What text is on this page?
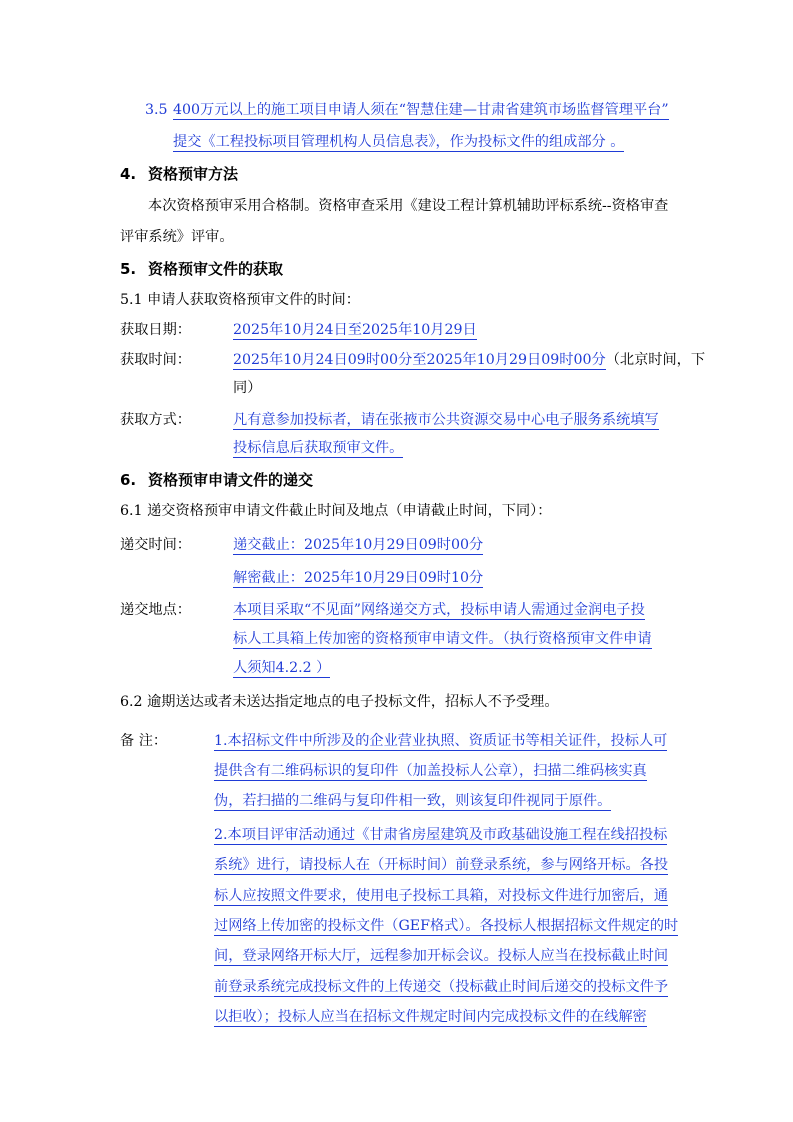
3.5 400万元以上的施工项目申请人须在“智慧住建—甘肃省建筑市场监督管理平台”
提交《工程投标项目管理机构人员信息表》，作为投标文件的组成部分 。
4. 资格预审方法
本次资格预审采用合格制。资格审查采用《建设工程计算机辅助评标系统--资格审查
评审系统》评审。
5. 资格预审文件的获取
5.1 申请人获取资格预审文件的时间：
获取日期：	2025年10月24日至2025年10月29日
获取时间：	2025年10月24日09时00分至2025年10月29日09时00分（北京时间，下
同）
获取方式：	凡有意参加投标者，请在张掖市公共资源交易中心电子服务系统填写
投标信息后获取预审文件。
6. 资格预审申请文件的递交
6.1 递交资格预审申请文件截止时间及地点（申请截止时间，下同）：
递交时间：	递交截止：2025年10月29日09时00分
解密截止：2025年10月29日09时10分
递交地点：	本项目采取“不见面”网络递交方式，投标申请人需通过金润电子投
标人工具箱上传加密的资格预审申请文件。（执行资格预审文件申请
人须知4.2.2 ）
6.2 逾期送达或者未送达指定地点的电子投标文件，招标人不予受理。
备 注：	1.本招标文件中所涉及的企业营业执照、资质证书等相关证件，投标人可
提供含有二维码标识的复印件（加盖投标人公章），扫描二维码核实真
伪，若扫描的二维码与复印件相一致，则该复印件视同于原件。
2.本项目评审活动通过《甘肃省房屋建筑及市政基础设施工程在线招投标
系统》进行，请投标人在（开标时间）前登录系统，参与网络开标。各投
标人应按照文件要求，使用电子投标工具箱，对投标文件进行加密后，通
过网络上传加密的投标文件（GEF格式）。各投标人根据招标文件规定的时
间，登录网络开标大厅，远程参加开标会议。投标人应当在投标截止时间
前登录系统完成投标文件的上传递交（投标截止时间后递交的投标文件予
以拒收）；投标人应当在招标文件规定时间内完成投标文件的在线解密
